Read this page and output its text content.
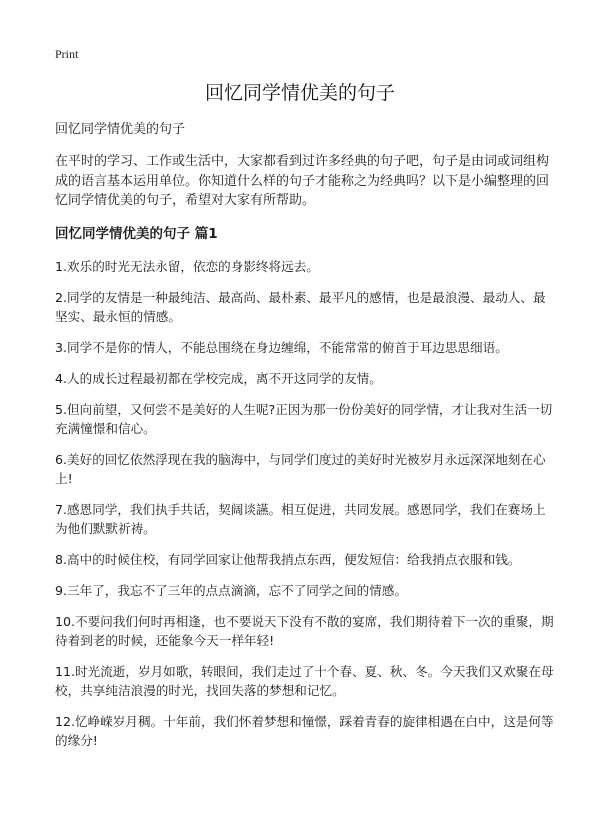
Print
回忆同学情优美的句子

回忆同学情优美的句子

在平时的学习、工作或生活中，大家都看到过许多经典的句子吧，句子是由词或词组构成的语言基本运用单位。你知道什么样的句子才能称之为经典吗？以下是小编整理的回忆同学情优美的句子，希望对大家有所帮助。

回忆同学情优美的句子 篇1

1.欢乐的时光无法永留，依恋的身影终将远去。

2.同学的友情是一种最纯洁、最高尚、最朴素、最平凡的感情，也是最浪漫、最动人、最坚实、最永恒的情感。

3.同学不是你的情人，不能总围绕在身边缠绵，不能常常的俯首于耳边思思细语。

4.人的成长过程最初都在学校完成，离不开这同学的友情。

5.但向前望，又何尝不是美好的人生呢?正因为那一份份美好的同学情，才让我对生活一切充满憧憬和信心。

6.美好的回忆依然浮现在我的脑海中，与同学们度过的美好时光被岁月永远深深地刻在心上!

7.感恩同学，我们执手共话，契阔谈讌。相互促进，共同发展。感恩同学，我们在赛场上为他们默默祈祷。

8.高中的时候住校，有同学回家让他帮我捎点东西，便发短信：给我捎点衣服和钱。

9.三年了，我忘不了三年的点点滴滴，忘不了同学之间的情感。

10.不要问我们何时再相逢，也不要说天下没有不散的宴席，我们期待着下一次的重聚，期待着到老的时候，还能象今天一样年轻!

11.时光流逝，岁月如歌，转眼间，我们走过了十个春、夏、秋、冬。今天我们又欢聚在母校，共享纯洁浪漫的时光，找回失落的梦想和记忆。

12.忆峥嵘岁月稠。十年前，我们怀着梦想和憧憬，踩着青春的旋律相遇在白中，这是何等的缘分!
